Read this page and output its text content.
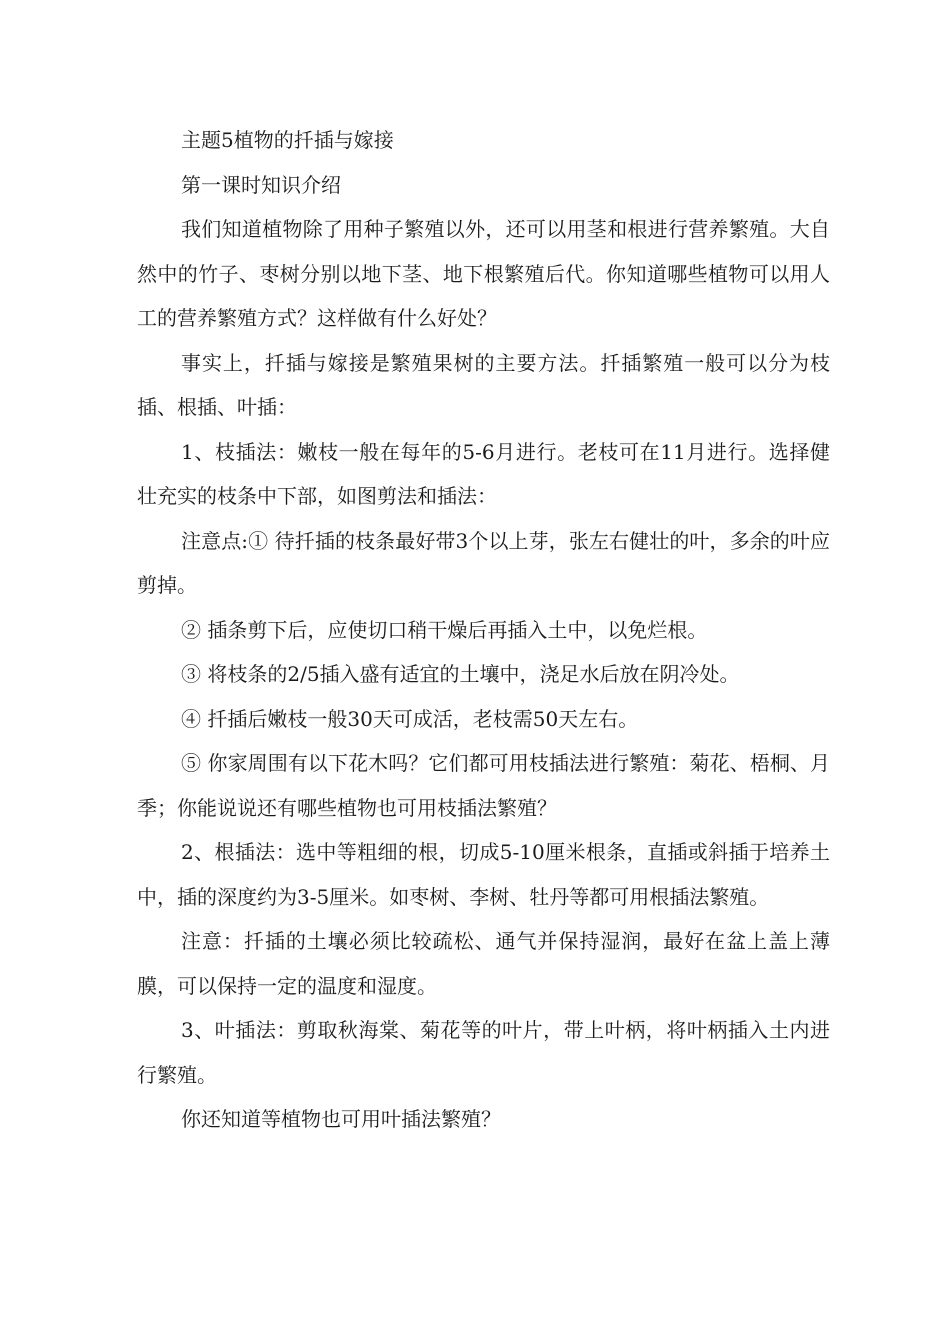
主题5植物的扦插与嫁接

第一课时知识介绍

我们知道植物除了用种子繁殖以外，还可以用茎和根进行营养繁殖。大自然中的竹子、枣树分别以地下茎、地下根繁殖后代。你知道哪些植物可以用人工的营养繁殖方式？这样做有什么好处？

事实上，扦插与嫁接是繁殖果树的主要方法。扦插繁殖一般可以分为枝插、根插、叶插：

1、枝插法：嫩枝一般在每年的5-6月进行。老枝可在11月进行。选择健壮充实的枝条中下部，如图剪法和插法：

注意点:① 待扦插的枝条最好带3个以上芽，张左右健壮的叶，多余的叶应剪掉。

② 插条剪下后，应使切口稍干燥后再插入土中，以免烂根。

③ 将枝条的2/5插入盛有适宜的土壤中，浇足水后放在阴冷处。

④ 扦插后嫩枝一般30天可成活，老枝需50天左右。

⑤ 你家周围有以下花木吗？它们都可用枝插法进行繁殖：菊花、梧桐、月季；你能说说还有哪些植物也可用枝插法繁殖？

2、根插法：选中等粗细的根，切成5-10厘米根条，直插或斜插于培养土中，插的深度约为3-5厘米。如枣树、李树、牡丹等都可用根插法繁殖。

注意：扦插的土壤必须比较疏松、通气并保持湿润，最好在盆上盖上薄膜，可以保持一定的温度和湿度。

3、叶插法：剪取秋海棠、菊花等的叶片，带上叶柄，将叶柄插入土内进行繁殖。

你还知道等植物也可用叶插法繁殖？
